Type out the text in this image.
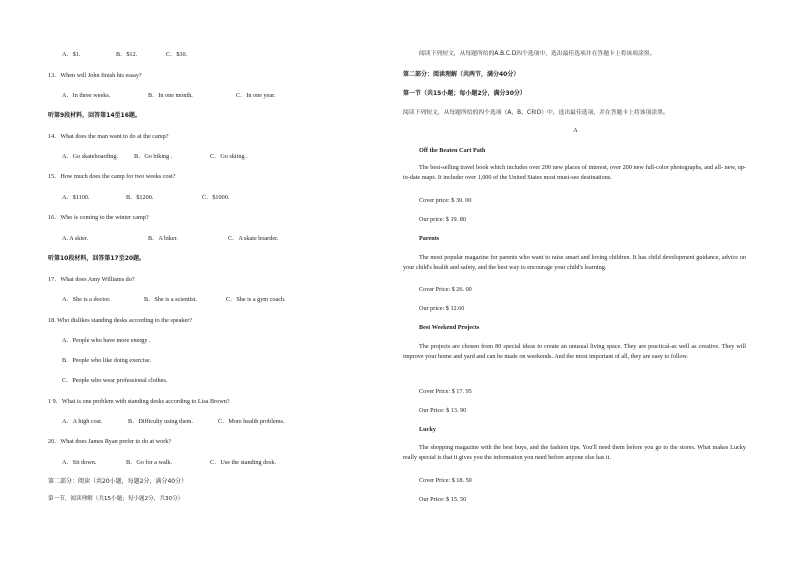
A．$1.	B．$12.	C．$30.
13．When will John finish his essay?
A．In three weeks.	B．In one month.	C．In one year.
听第9段材料，回答第14至16题。
14．What does the man want to do at the camp?
A．Go skateboarding.	B．Go biking .	C．Go skiing .
15．How much does the camp for two weeks cost?
A．$1100.	B．$1200.	C．$1000.
16．Who is coming to the winter camp?
A. A skier.	B．A biker.	C．A skate boarder.
听第10段材料，回答第17至20题。
17．What does Amy Williams do?
A．She is a doctor.	B．She is a scientist.	C．She is a gym coach.
18. Who dislikes standing desks according to the speaker?
A．People who have more energy .
B．People who like doing exercise.
C．People who wear professional clothes.
1 9．What is one problem with standing desks according to Lisa Brown?
A．A high cost.	B．Difficulty using them.	C．More health problems.
20．What does James Ryan prefer to do at work?
A．Sit down.	B．Go for a walk.	C．Use the standing desk.
第二部分：阅读（共20小题，每题2分，满分40分）
第一节，阅读理解（共15小题；每小题2分，共30分）
阅读下列短文，从每题所给的A.B.C.D四个选项中，选出最佳选项并在答题卡上将该项涂黑。
第二部分：阅读理解（共两节，满分40分）
第一节（共15小题；每小题2分，满分30分）
阅读下列短文，从每题所给的四个选项（A、B、C和D）中，选出最佳选项，并在答题卡上将该项涂黑。
A
Off the Beaten Cart Path
The best-selling travel book which includes over 200 new places of interest, over 200 new full-color photographs, and all- new, up-to-date maps. It includer over 1,000 of the United States most must-see destinations.
Cover price: $ 30. 00
Our price: $ 19. 80
Parents
The most popular magazine for parents who want to raise smart and loving children. It has child development guidance, advice on your child's health and safety, and the best way to encourage your child's learning.
Cover Price: $ 26. 00
Our price: $ 12.60
Best Weekend Projects
The projects are chosen from 80 special ideas to create an unusual living space. They are practical-as well as creative. They will improve your home and yard and can be made on weekends. And the most important of all, they are easy to follow.
Cover Price: $ 17. 95
Our Price: $ 13. 90
Lucky
The shopping magazine with the best buys, and the fashion tips. You'll need them before you go to the stores. What makes Lucky really special is that it gives you the information you need before anyone else has it.
Cover Price: $ 18. 50
Our Price: $ 15. 50
